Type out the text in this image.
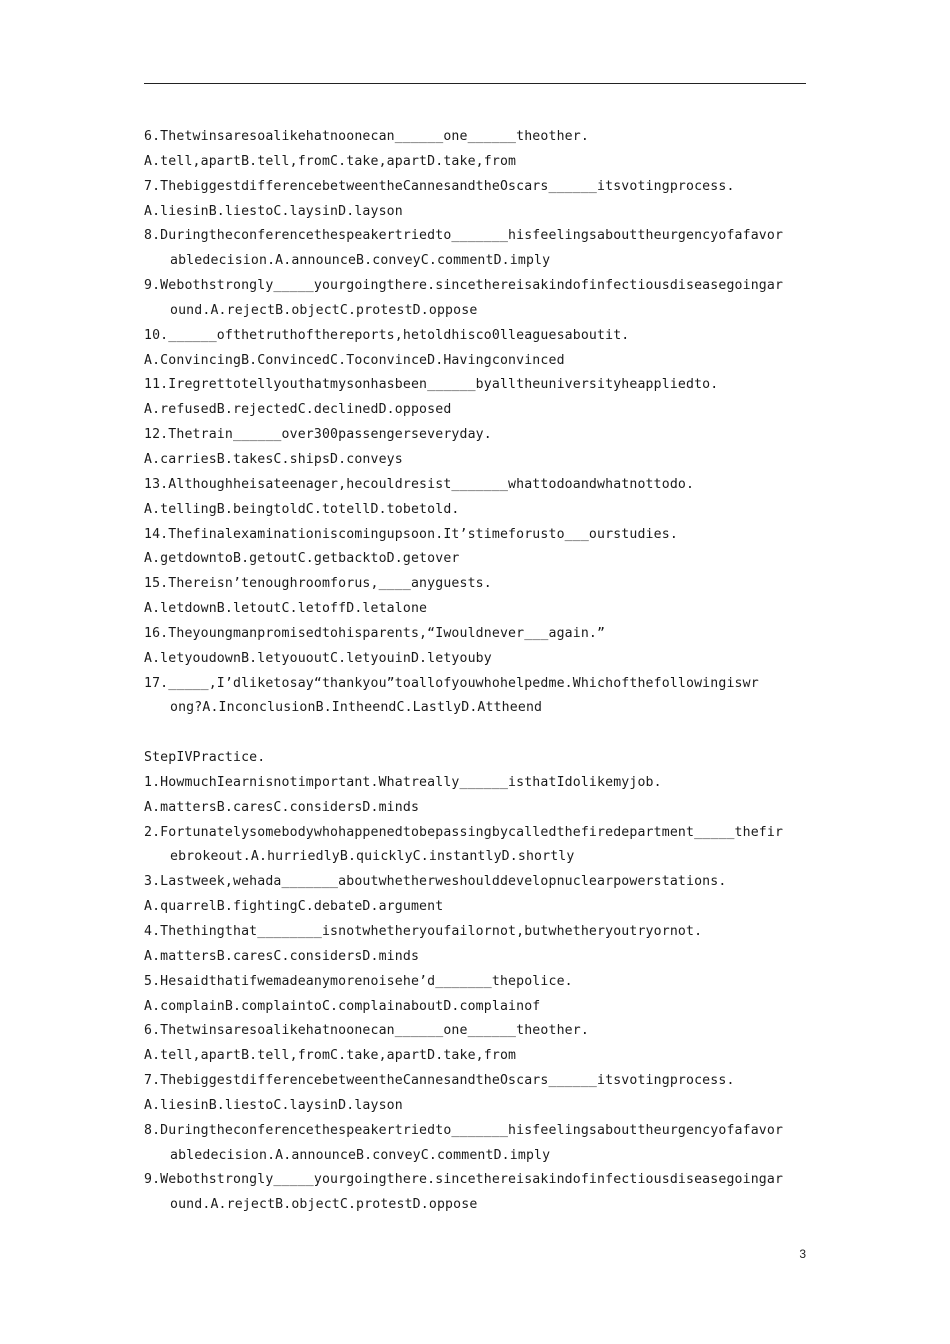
6.Thetwinsaresoalikehatnoonecan______one______theother.
A.tell,apartB.tell,fromC.take,apartD.take,from
7.ThebiggestdifferencebetweentheCannesandtheOscars______itsvotingprocess.
A.liesinB.liestoC.laysinD.layson
8.Duringtheconferencethespeakertriedto_______hisfeelingsabouttheurgencyofafavor
abledecision.A.announceB.conveyC.commentD.imply
9.Webothstrongly_____yourgoingthere.sincethereisakindofinfectiousdiseasegoingar
ound.A.rejectB.objectC.protestD.oppose
10.______ofthetruthofthereports,hetoldhisco0lleaguesaboutit.
A.ConvincingB.ConvincedC.ToconvinceD.Havingconvinced
11.Iregrettotellyouthatmysonhasbeen______byalltheuniversityheappliedto.
A.refusedB.rejectedC.declinedD.opposed
12.Thetrain______over300passengerseveryday.
A.carriesB.takesC.shipsD.conveys
13.Althoughheisateenager,hecouldresist_______whattodoandwhatnottodo.
A.tellingB.beingtoldC.totellD.tobetold.
14.Thefinalexaminationiscomingupsoon.It’stimeforusto___ourstudies.
A.getdowntoB.getoutC.getbacktoD.getover
15.Thereisn’tenoughroomforus,____anyguests.
A.letdownB.letoutC.letoffD.letalone
16.Theyoungmanpromisedtohisparents,“Iwouldnever___again.”
A.letyoudownB.letyououtC.letyouinD.letyouby
17._____,I’dliketosay“thankyou”toallofyouwhohelpedme.Whichofthefollowingiswr
ong?A.InconclusionB.IntheendC.LastlyD.Attheend
StepIVPractice.
1.HowmuchIearnisnotimportant.Whatreally______isthatIdolikemyjob.
A.mattersB.caresC.considersD.minds
2.Fortunatelysomebodywhohappenedtobepassingbycalledthefiredepartment_____thefir
ebrokeout.A.hurriedlyB.quicklyC.instantlyD.shortly
3.Lastweek,wehada_______aboutwhetherweshoulddevelopnuclearpowerstations.
A.quarrelB.fightingC.debateD.argument
4.Thethingthat________isnotwhetheryoufailornot,butwhetheryoutryornot.
A.mattersB.caresC.considersD.minds
5.Hesaidthatifwemadeanymorenoisehe’d_______thepolice.
A.complainB.complaintoC.complainaboutD.complainof
6.Thetwinsaresoalikehatnoonecan______one______theother.
A.tell,apartB.tell,fromC.take,apartD.take,from
7.ThebiggestdifferencebetweentheCannesandtheOscars______itsvotingprocess.
A.liesinB.liestoC.laysinD.layson
8.Duringtheconferencethespeakertriedto_______hisfeelingsabouttheurgencyofafavor
abledecision.A.announceB.conveyC.commentD.imply
9.Webothstrongly_____yourgoingthere.sincethereisakindofinfectiousdiseasegoingar
ound.A.rejectB.objectC.protestD.oppose
3
